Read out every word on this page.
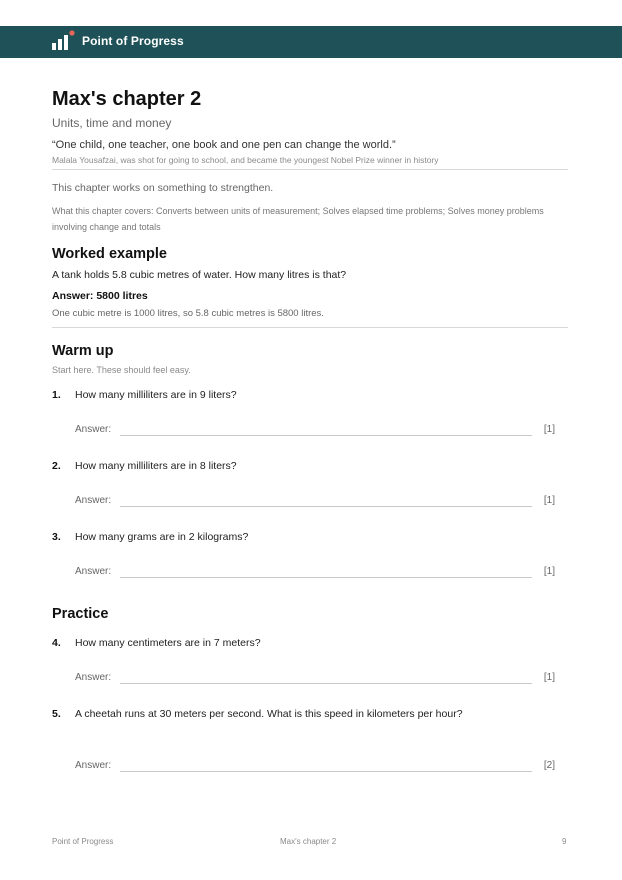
Point of Progress
Max's chapter 2
Units, time and money
“One child, one teacher, one book and one pen can change the world.”
Malala Yousafzai, was shot for going to school, and became the youngest Nobel Prize winner in history
This chapter works on something to strengthen.
What this chapter covers: Converts between units of measurement; Solves elapsed time problems; Solves money problems involving change and totals
Worked example
A tank holds 5.8 cubic metres of water. How many litres is that?
Answer: 5800 litres
One cubic metre is 1000 litres, so 5.8 cubic metres is 5800 litres.
Warm up
Start here. These should feel easy.
1. How many milliliters are in 9 liters?
Answer:	[1]
2. How many milliliters are in 8 liters?
Answer:	[1]
3. How many grams are in 2 kilograms?
Answer:	[1]
Practice
4. How many centimeters are in 7 meters?
Answer:	[1]
5. A cheetah runs at 30 meters per second. What is this speed in kilometers per hour?
Answer:	[2]
Point of Progress	Max's chapter 2	9
